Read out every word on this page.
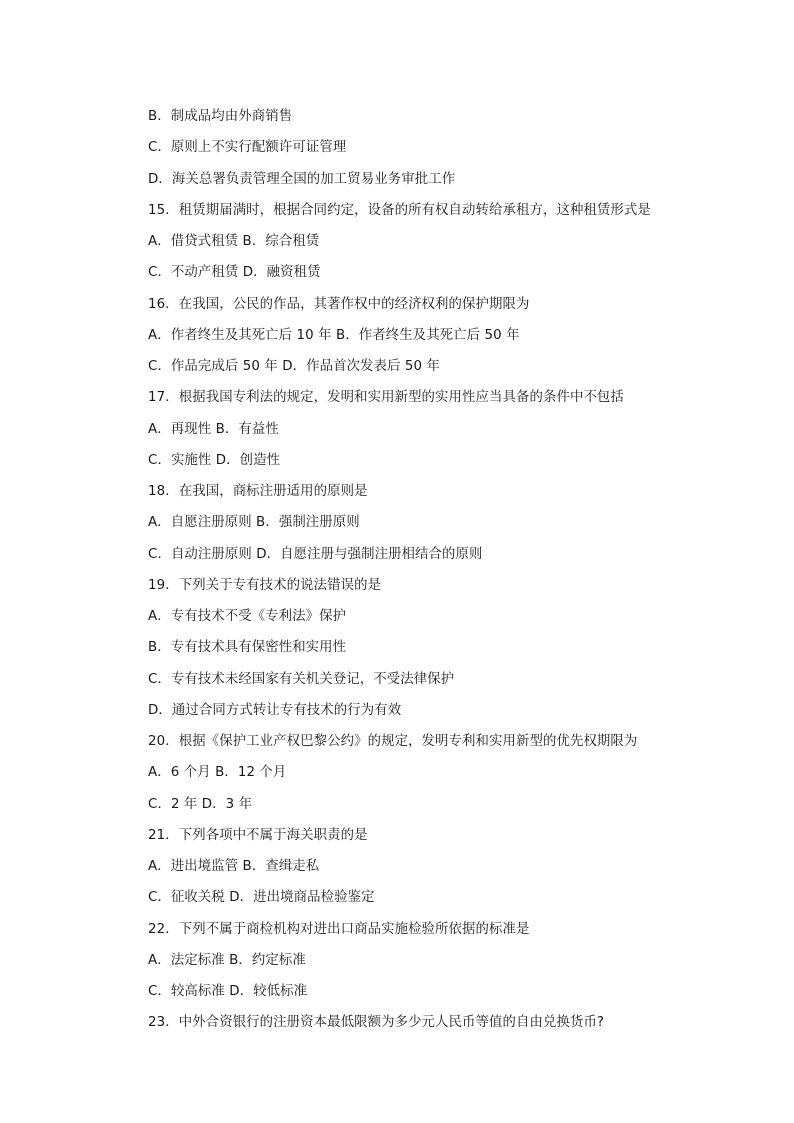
B．制成品均由外商销售
C．原则上不实行配额许可证管理
D．海关总署负责管理全国的加工贸易业务审批工作
15．租赁期届满时，根据合同约定，设备的所有权自动转给承租方，这种租赁形式是
A．借贷式租赁 B．综合租赁
C．不动产租赁 D．融资租赁
16．在我国，公民的作品，其著作权中的经济权利的保护期限为
A．作者终生及其死亡后 10 年 B．作者终生及其死亡后 50 年
C．作品完成后 50 年 D．作品首次发表后 50 年
17．根据我国专利法的规定，发明和实用新型的实用性应当具备的条件中不包括
A．再现性 B．有益性
C．实施性 D．创造性
18．在我国，商标注册适用的原则是
A．自愿注册原则 B．强制注册原则
C．自动注册原则 D．自愿注册与强制注册相结合的原则
19．下列关于专有技术的说法错误的是
A．专有技术不受《专利法》保护
B．专有技术具有保密性和实用性
C．专有技术未经国家有关机关登记，不受法律保护
D．通过合同方式转让专有技术的行为有效
20．根据《保护工业产权巴黎公约》的规定，发明专利和实用新型的优先权期限为
A．6 个月 B．12 个月
C．2 年 D．3 年
21．下列各项中不属于海关职责的是
A．进出境监管 B．查缉走私
C．征收关税 D．进出境商品检验鉴定
22．下列不属于商检机构对进出口商品实施检验所依据的标准是
A．法定标准 B．约定标准
C．较高标准 D．较低标准
23．中外合资银行的注册资本最低限额为多少元人民币等值的自由兑换货币?
